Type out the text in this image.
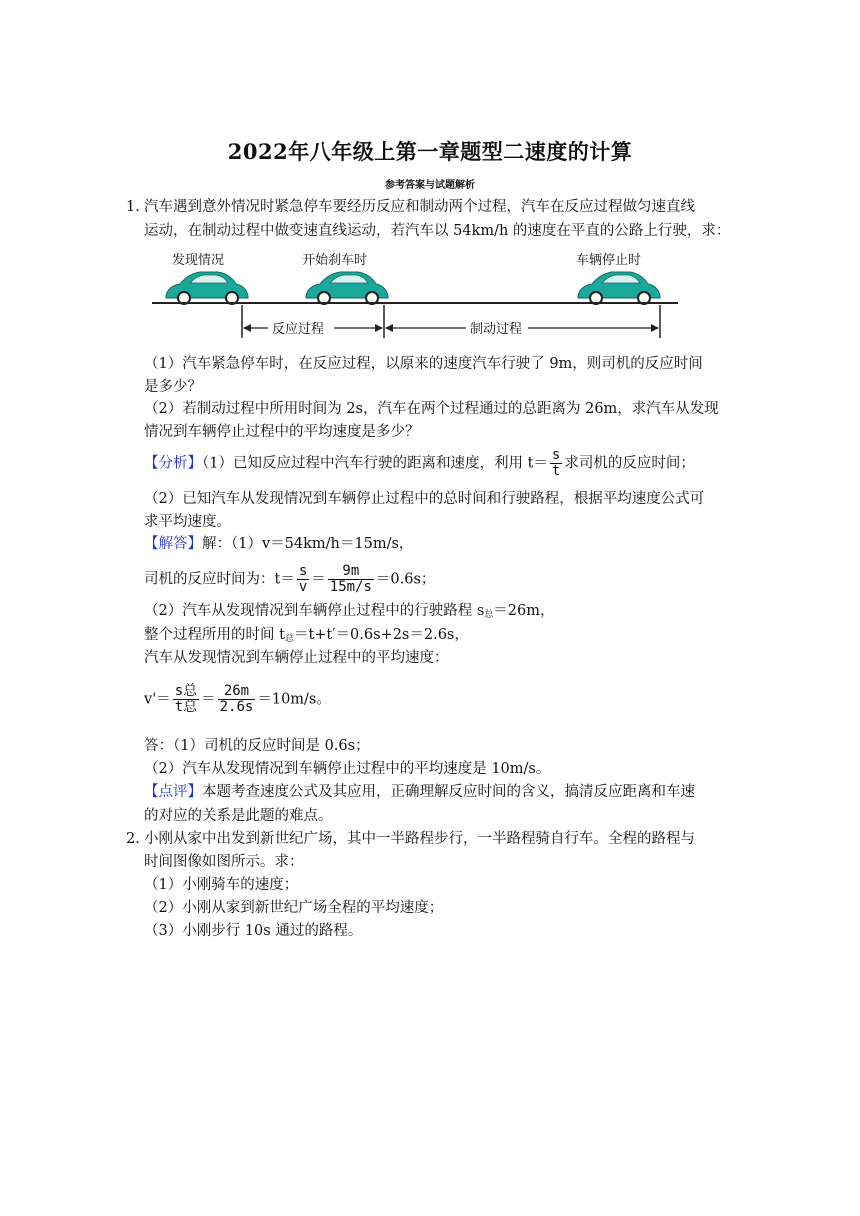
2022年八年级上第一章题型二速度的计算
参考答案与试题解析
1．
汽车遇到意外情况时紧急停车要经历反应和制动两个过程，汽车在反应过程做匀速直线
运动，在制动过程中做变速直线运动，若汽车以 54km/h 的速度在平直的公路上行驶，求：
发现情况	开始刹车时	车辆停止时
反应过程	制动过程
（1）汽车紧急停车时，在反应过程，以原来的速度汽车行驶了 9m，则司机的反应时间
是多少？
（2）若制动过程中所用时间为 2s，汽车在两个过程通过的总距离为 26m，求汽车从发现
情况到车辆停止过程中的平均速度是多少？
【分析】（1）已知反应过程中汽车行驶的距离和速度，利用 $t= \frac{s}{t}$ 求司机的反应时间；
（2）已知汽车从发现情况到车辆停止过程中的总时间和行驶路程，根据平均速度公式可
求平均速度。
【解答】解：（1）v＝54km/h＝15m/s，
司机的反应时间为：$t= \frac{s}{v} = \frac{9m}{15m/s} =0.6s$；
（2）汽车从发现情况到车辆停止过程中的行驶路程 $s_总=26m$，
整个过程所用的时间 $t_总=t+t'=0.6s+2s=2.6s$，
汽车从发现情况到车辆停止过程中的平均速度：
$v'= \frac{\text{s总}}{\text{t总}} = \frac{26m}{2.6s} =10m/s$。
答：（1）司机的反应时间是 0.6s；
（2）汽车从发现情况到车辆停止过程中的平均速度是 10m/s。
【点评】本题考查速度公式及其应用，正确理解反应时间的含义，搞清反应距离和车速
的对应的关系是此题的难点。
2．
小刚从家中出发到新世纪广场，其中一半路程步行，一半路程骑自行车。全程的路程与
时间图像如图所示。求：
（1）小刚骑车的速度；
（2）小刚从家到新世纪广场全程的平均速度；
（3）小刚步行 10s 通过的路程。
